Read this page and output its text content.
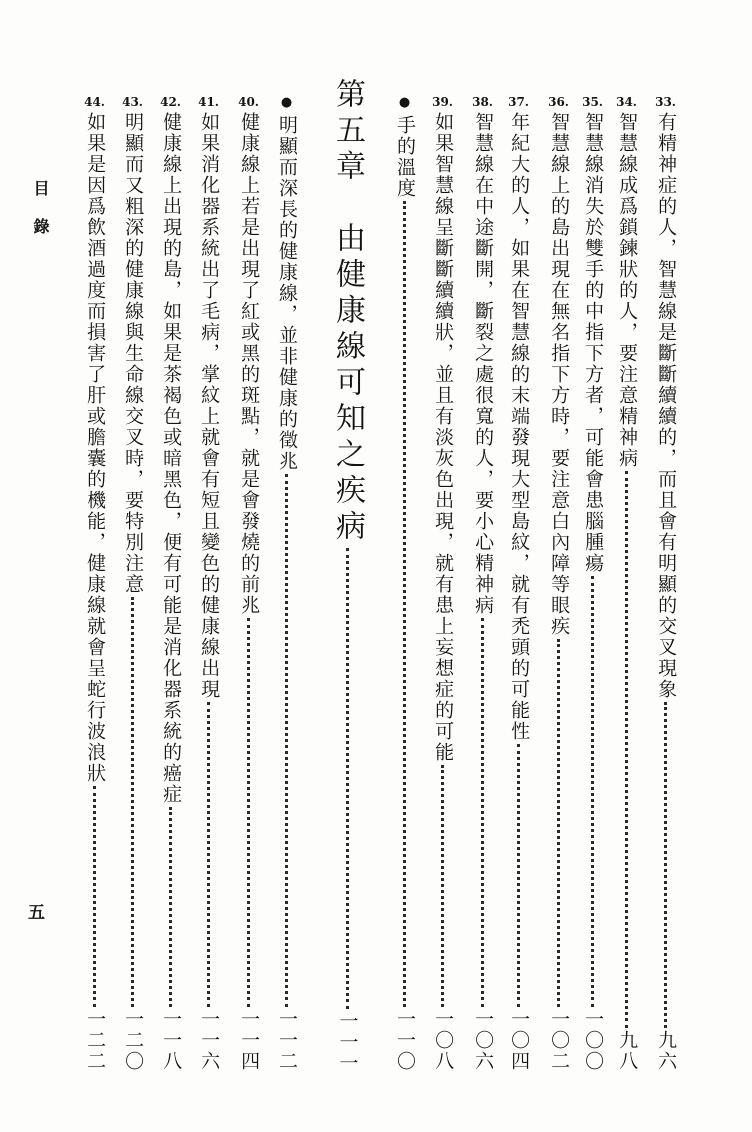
目錄
五
33.
有精神症的人，智慧線是斷斷續續的，而且會有明顯的交叉現象
九六
34.
智慧線成爲鎖鍊狀的人，要注意精神病
九八
35.
智慧線消失於雙手的中指下方者，可能會患腦腫瘍
一〇〇
36.
智慧線上的島出現在無名指下方時，要注意白內障等眼疾
一〇二
37.
年紀大的人，如果在智慧線的末端發現大型島紋，就有禿頭的可能性
一〇四
38.
智慧線在中途斷開，斷裂之處很寬的人，要小心精神病
一〇六
39.
如果智慧線呈斷斷續續狀，並且有淡灰色出現，就有患上妄想症的可能
一〇八
●
手的溫度
一一〇
第五章　由健康線可知之疾病
一一一
●
明顯而深長的健康線，並非健康的徵兆
一一二
40.
健康線上若是出現了紅或黑的斑點，就是會發燒的前兆
一一四
41.
如果消化器系統出了毛病，掌紋上就會有短且變色的健康線出現
一一六
42.
健康線上出現的島，如果是茶褐色或暗黑色，便有可能是消化器系統的癌症
一一八
43.
明顯而又粗深的健康線與生命線交叉時，要特別注意
一二〇
44.
如果是因爲飲酒過度而損害了肝或膽囊的機能，健康線就會呈蛇行波浪狀
一二二
